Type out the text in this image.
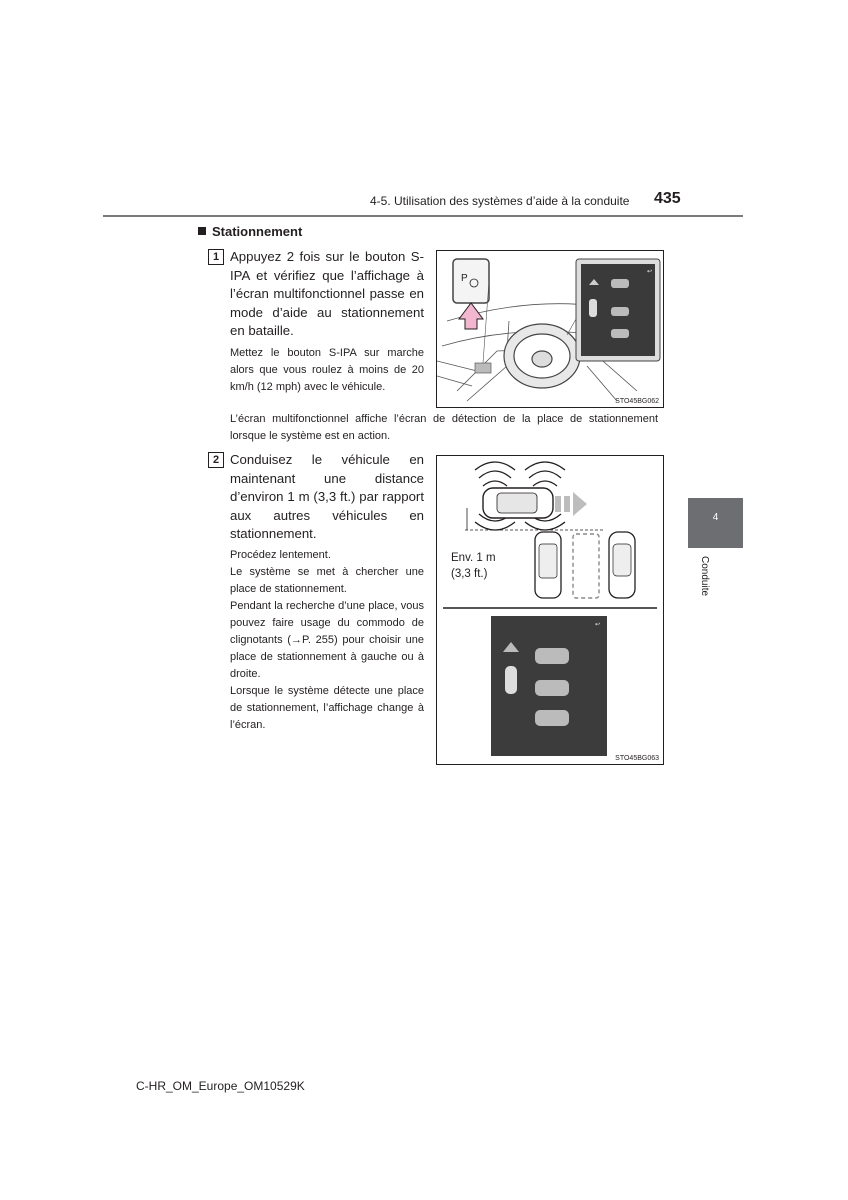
4-5. Utilisation des systèmes d’aide à la conduite 435
4
Conduite
Stationnement
1 Appuyez 2 fois sur le bouton S-IPA et vérifiez que l’affichage à l’écran multifonctionnel passe en mode d’aide au stationnement en bataille.
Mettez le bouton S-IPA sur marche alors que vous roulez à moins de 20 km/h (12 mph) avec le véhicule.
P
↩
STO45BG062
L’écran multifonctionnel affiche l’écran de détection de la place de stationnement lorsque le système est en action.
2 Conduisez le véhicule en maintenant une distance d’environ 1 m (3,3 ft.) par rapport aux autres véhicules en stationnement.
Procédez lentement.
Le système se met à chercher une place de stationnement.
Pendant la recherche d’une place, vous pouvez faire usage du commodo de clignotants (→P. 255) pour choisir une place de stationnement à gauche ou à droite.
Lorsque le système détecte une place de stationnement, l’affichage change à l’écran.
↩
Env. 1 m
(3,3 ft.)
STO45BG063
C-HR_OM_Europe_OM10529K
